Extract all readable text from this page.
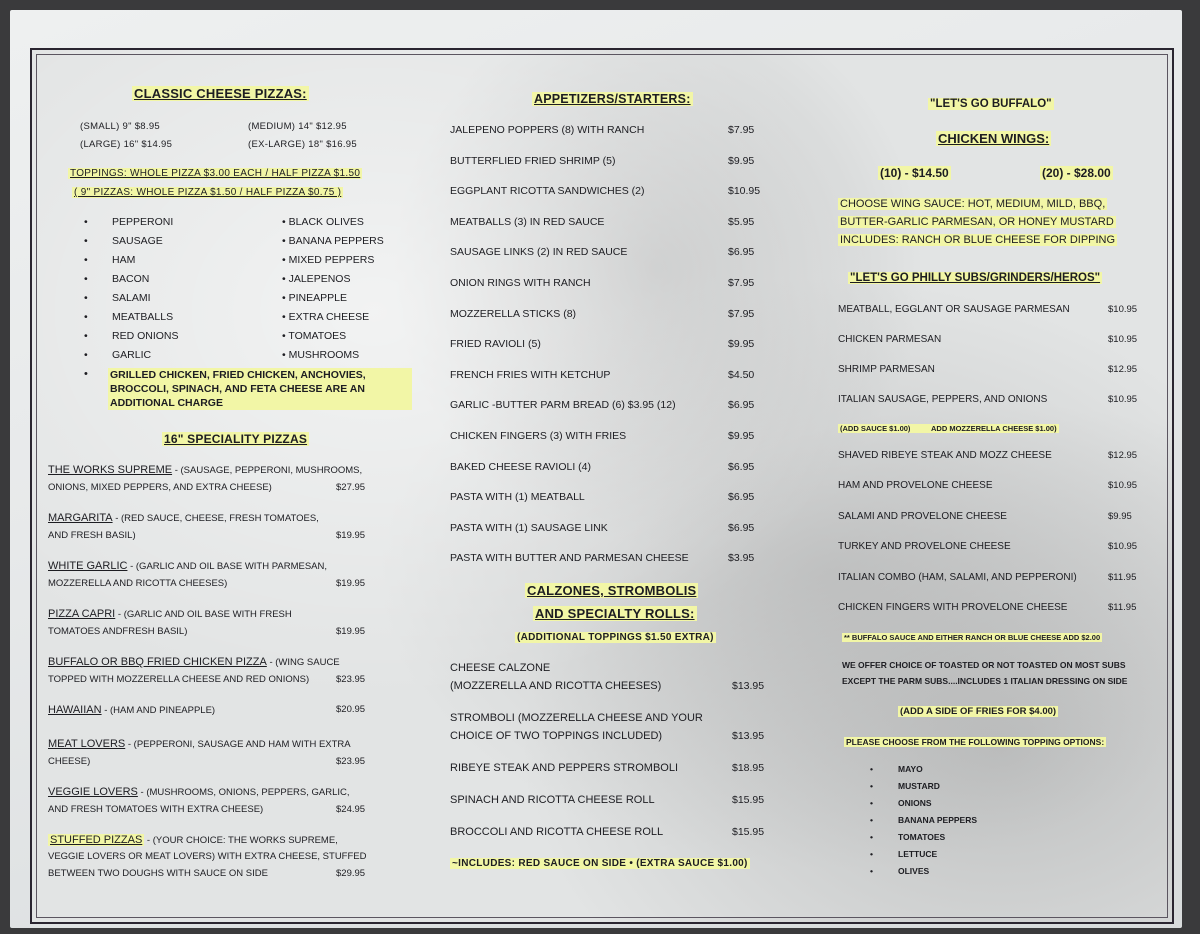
CLASSIC CHEESE PIZZAS:
(SMALL) 9" $8.95	(MEDIUM) 14" $12.95
(LARGE) 16" $14.95	(EX-LARGE) 18" $16.95
TOPPINGS: WHOLE PIZZA $3.00 EACH / HALF PIZZA $1.50
( 9" PIZZAS: WHOLE PIZZA $1.50 / HALF PIZZA $0.75 )
• PEPPERONI
• SAUSAGE
• HAM
• BACON
• SALAMI
• MEATBALLS
• RED ONIONS
• GARLIC
• BLACK OLIVES
• BANANA PEPPERS
• MIXED PEPPERS
• JALEPENOS
• PINEAPPLE
• EXTRA CHEESE
• TOMATOES
• MUSHROOMS
• GRILLED CHICKEN, FRIED CHICKEN, ANCHOVIES, BROCCOLI, SPINACH, AND FETA CHEESE ARE AN ADDITIONAL CHARGE
16" SPECIALITY PIZZAS
THE WORKS SUPREME - (SAUSAGE, PEPPERONI, MUSHROOMS,
ONIONS, MIXED PEPPERS, AND EXTRA CHEESE)	$27.95
MARGARITA - (RED SAUCE, CHEESE, FRESH TOMATOES,
AND FRESH BASIL)	$19.95
WHITE GARLIC - (GARLIC AND OIL BASE WITH PARMESAN,
MOZZERELLA AND RICOTTA CHEESES)	$19.95
PIZZA CAPRI - (GARLIC AND OIL BASE WITH FRESH
TOMATOES ANDFRESH BASIL)	$19.95
BUFFALO OR BBQ FRIED CHICKEN PIZZA - (WING SAUCE
TOPPED WITH MOZZERELLA CHEESE AND RED ONIONS)	$23.95
HAWAIIAN - (HAM AND PINEAPPLE)	$20.95
MEAT LOVERS - (PEPPERONI, SAUSAGE AND HAM WITH EXTRA
CHEESE)	$23.95
VEGGIE LOVERS - (MUSHROOMS, ONIONS, PEPPERS, GARLIC,
AND FRESH TOMATOES WITH EXTRA CHEESE)	$24.95
STUFFED PIZZAS - (YOUR CHOICE: THE WORKS SUPREME,
VEGGIE LOVERS OR MEAT LOVERS) WITH EXTRA CHEESE, STUFFED
BETWEEN TWO DOUGHS WITH SAUCE ON SIDE	$29.95
APPETIZERS/STARTERS:
JALEPENO POPPERS (8) WITH RANCH	$7.95
BUTTERFLIED FRIED SHRIMP (5)	$9.95
EGGPLANT RICOTTA SANDWICHES (2)	$10.95
MEATBALLS (3) IN RED SAUCE	$5.95
SAUSAGE LINKS (2) IN RED SAUCE	$6.95
ONION RINGS WITH RANCH	$7.95
MOZZERELLA STICKS (8)	$7.95
FRIED RAVIOLI (5)	$9.95
FRENCH FRIES WITH KETCHUP	$4.50
GARLIC -BUTTER PARM BREAD (6) $3.95 (12)	$6.95
CHICKEN FINGERS (3) WITH FRIES	$9.95
BAKED CHEESE RAVIOLI (4)	$6.95
PASTA WITH (1) MEATBALL	$6.95
PASTA WITH (1) SAUSAGE LINK	$6.95
PASTA WITH BUTTER AND PARMESAN CHEESE	$3.95
CALZONES, STROMBOLIS
AND SPECIALTY ROLLS:
(ADDITIONAL TOPPINGS $1.50 EXTRA)
CHEESE CALZONE
(MOZZERELLA AND RICOTTA CHEESES)	$13.95
STROMBOLI (MOZZERELLA CHEESE AND YOUR
CHOICE OF TWO TOPPINGS INCLUDED)	$13.95
RIBEYE STEAK AND PEPPERS STROMBOLI	$18.95
SPINACH AND RICOTTA CHEESE ROLL	$15.95
BROCCOLI AND RICOTTA CHEESE ROLL	$15.95
~INCLUDES: RED SAUCE ON SIDE • (EXTRA SAUCE $1.00)
"LET'S GO BUFFALO"
CHICKEN WINGS:
(10) - $14.50	(20) - $28.00
CHOOSE WING SAUCE: HOT, MEDIUM, MILD, BBQ,
BUTTER-GARLIC PARMESAN, OR HONEY MUSTARD
INCLUDES: RANCH OR BLUE CHEESE FOR DIPPING
"LET'S GO PHILLY SUBS/GRINDERS/HEROS"
MEATBALL, EGGLANT OR SAUSAGE PARMESAN	$10.95
CHICKEN PARMESAN	$10.95
SHRIMP PARMESAN	$12.95
ITALIAN SAUSAGE, PEPPERS, AND ONIONS	$10.95
(ADD SAUCE $1.00)          ADD MOZZERELLA CHEESE $1.00)
SHAVED RIBEYE STEAK AND MOZZ CHEESE	$12.95
HAM AND PROVELONE CHEESE	$10.95
SALAMI AND PROVELONE CHEESE	$9.95
TURKEY AND PROVELONE CHEESE	$10.95
ITALIAN COMBO (HAM, SALAMI, AND PEPPERONI)	$11.95
CHICKEN FINGERS WITH PROVELONE CHEESE	$11.95
** BUFFALO SAUCE AND EITHER RANCH OR BLUE CHEESE ADD $2.00
WE OFFER CHOICE OF TOASTED OR NOT TOASTED ON MOST SUBS
EXCEPT THE PARM SUBS....INCLUDES 1 ITALIAN DRESSING ON SIDE
(ADD A SIDE OF FRIES FOR $4.00)
PLEASE CHOOSE FROM THE FOLLOWING TOPPING OPTIONS:
•	MAYO
•	MUSTARD
•	ONIONS
•	BANANA PEPPERS
•	TOMATOES
•	LETTUCE
•	OLIVES
